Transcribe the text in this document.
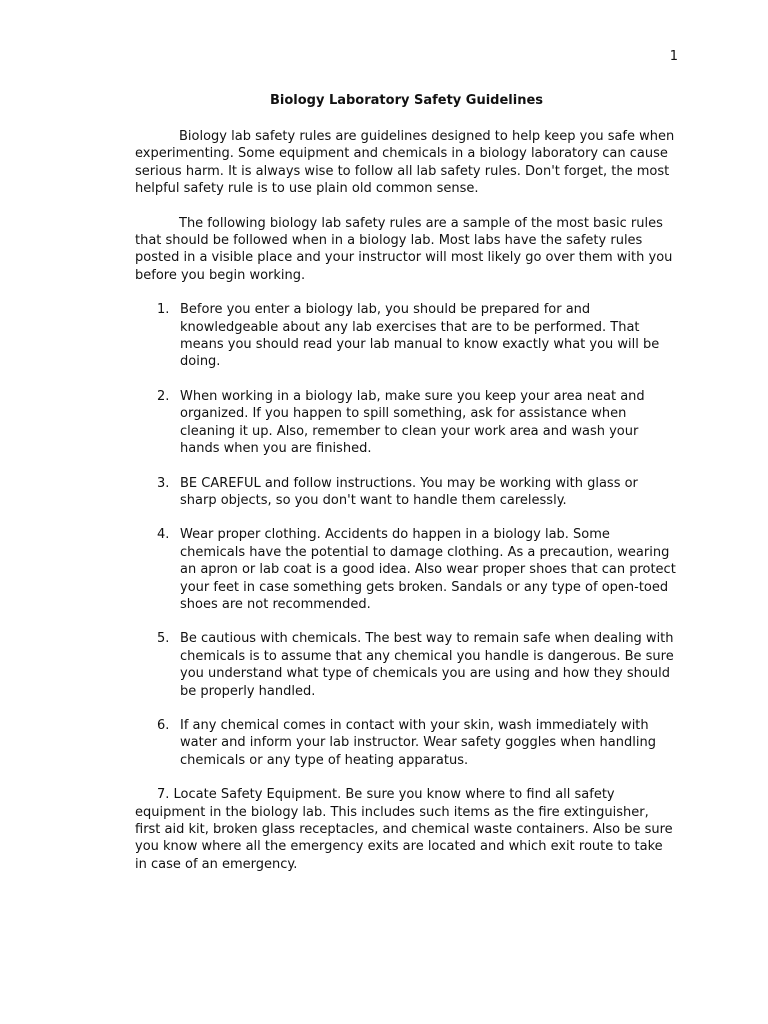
1
Biology Laboratory Safety Guidelines

Biology lab safety rules are guidelines designed to help keep you safe when experimenting. Some equipment and chemicals in a biology laboratory can cause serious harm. It is always wise to follow all lab safety rules. Don't forget, the most helpful safety rule is to use plain old common sense.

The following biology lab safety rules are a sample of the most basic rules that should be followed when in a biology lab. Most labs have the safety rules posted in a visible place and your instructor will most likely go over them with you before you begin working.

1. Before you enter a biology lab, you should be prepared for and knowledgeable about any lab exercises that are to be performed. That means you should read your lab manual to know exactly what you will be doing.
2. When working in a biology lab, make sure you keep your area neat and organized. If you happen to spill something, ask for assistance when cleaning it up. Also, remember to clean your work area and wash your hands when you are finished.
3. BE CAREFUL and follow instructions. You may be working with glass or sharp objects, so you don't want to handle them carelessly.
4. Wear proper clothing. Accidents do happen in a biology lab. Some chemicals have the potential to damage clothing. As a precaution, wearing an apron or lab coat is a good idea. Also wear proper shoes that can protect your feet in case something gets broken. Sandals or any type of open-toed shoes are not recommended.
5. Be cautious with chemicals. The best way to remain safe when dealing with chemicals is to assume that any chemical you handle is dangerous. Be sure you understand what type of chemicals you are using and how they should be properly handled.
6. If any chemical comes in contact with your skin, wash immediately with water and inform your lab instructor. Wear safety goggles when handling chemicals or any type of heating apparatus.

7. Locate Safety Equipment. Be sure you know where to find all safety equipment in the biology lab. This includes such items as the fire extinguisher, first aid kit, broken glass receptacles, and chemical waste containers. Also be sure you know where all the emergency exits are located and which exit route to take in case of an emergency.
